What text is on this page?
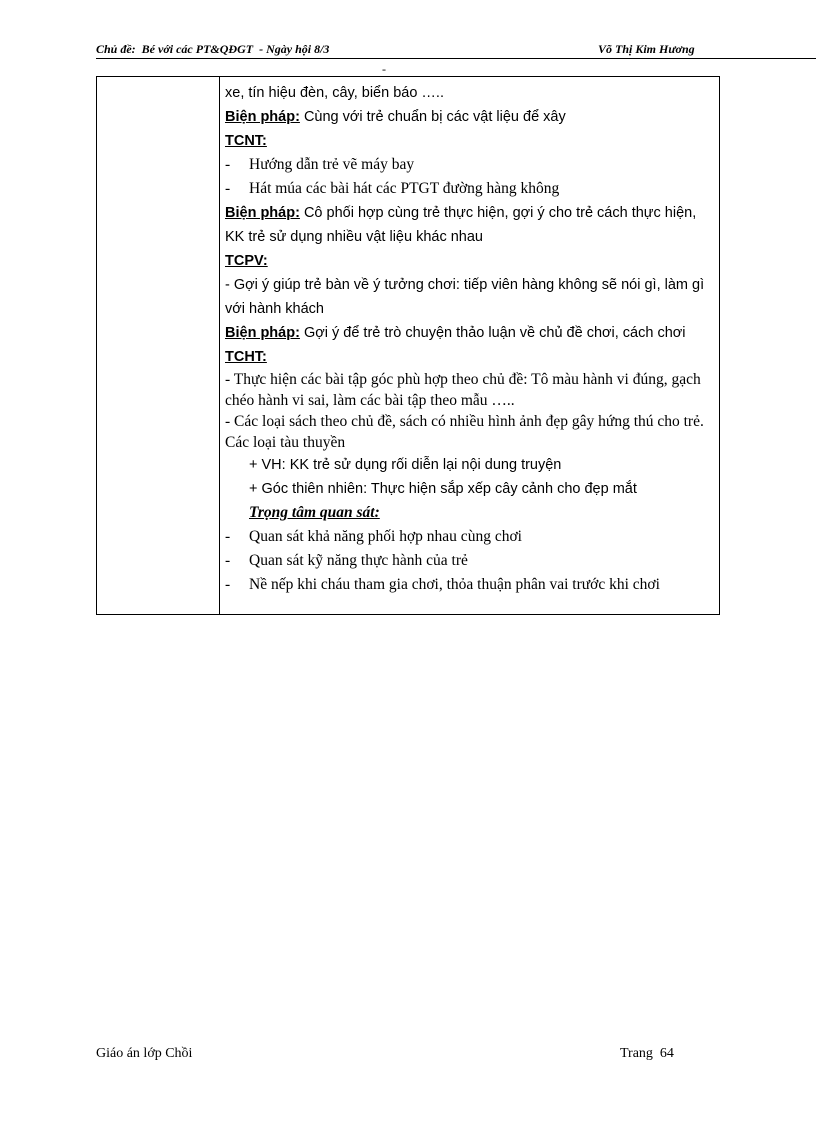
Chủ đề:  Bé với các PT&QĐGT  - Ngày hội 8/3	Võ Thị Kim Hương
-
xe, tín hiệu đèn, cây, biển báo …..
Biện pháp: Cùng với trẻ chuẩn bị các vật liệu để xây
TCNT:
- Hướng dẫn trẻ vẽ máy bay
- Hát múa các bài hát các PTGT đường hàng không
Biện pháp: Cô phối hợp cùng trẻ thực hiện, gợi ý cho trẻ cách thực hiện, KK trẻ sử dụng nhiều vật liệu khác nhau
TCPV:
- Gợi ý giúp trẻ bàn về ý tưởng chơi: tiếp viên hàng không sẽ nói gì, làm gì với hành khách
Biện pháp: Gợi ý để trẻ trò chuyện thảo luận về chủ đề chơi, cách chơi
TCHT:
- Thực hiện các bài tập góc phù hợp theo chủ đề: Tô màu hành vi đúng, gạch chéo hành vi sai, làm các bài tập theo mẫu …..
- Các loại sách theo chủ đề, sách có nhiều hình ảnh đẹp gây hứng thú cho trẻ. Các loại tàu thuyền
+ VH: KK trẻ sử dụng rối diễn lại nội dung truyện
+ Góc thiên nhiên: Thực hiện sắp xếp cây cảnh cho đẹp mắt
Trọng tâm quan sát:
- Quan sát khả năng phối hợp nhau cùng chơi
- Quan sát kỹ năng thực hành của trẻ
- Nề nếp khi cháu tham gia chơi, thỏa thuận phân vai trước khi chơi
Giáo án lớp Chồi	Trang  64
